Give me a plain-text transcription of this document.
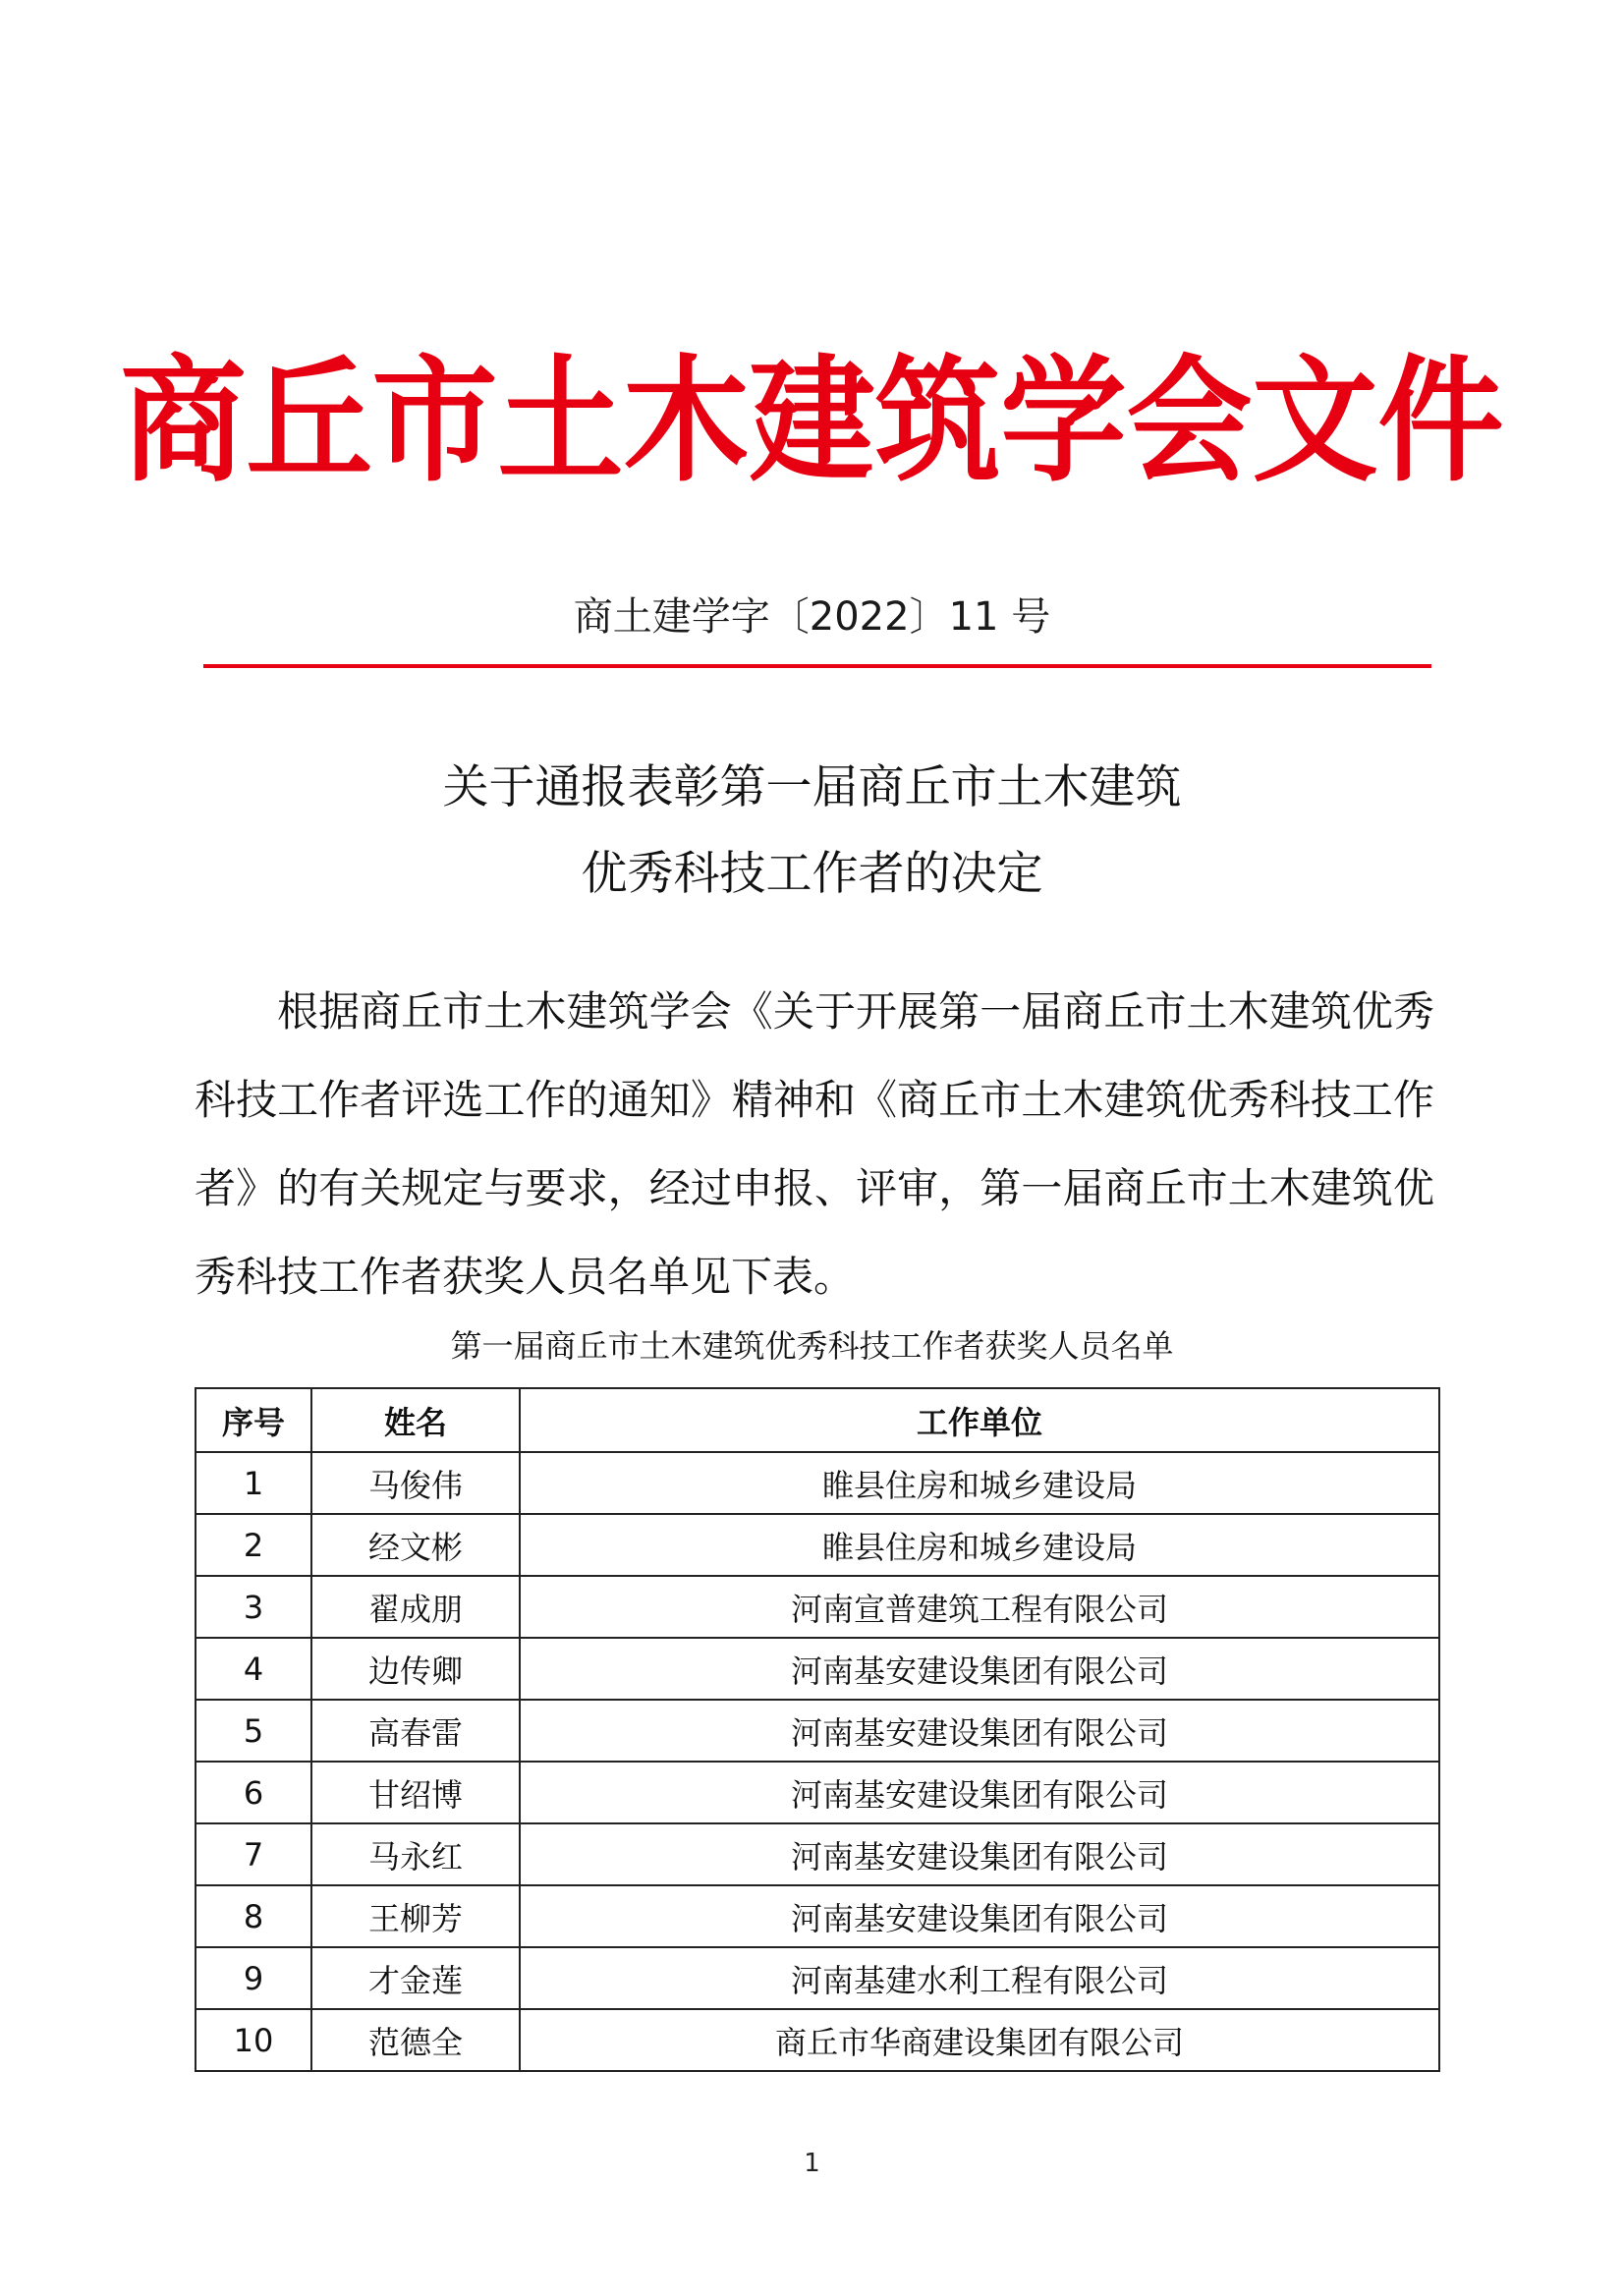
商丘市土木建筑学会文件
商土建学字〔2022〕11 号
关于通报表彰第一届商丘市土木建筑
优秀科技工作者的决定
根据商丘市土木建筑学会《关于开展第一届商丘市土木建筑优秀科技工作者评选工作的通知》精神和《商丘市土木建筑优秀科技工作者》的有关规定与要求，经过申报、评审，第一届商丘市土木建筑优秀科技工作者获奖人员名单见下表。
第一届商丘市土木建筑优秀科技工作者获奖人员名单
序号	姓名	工作单位
1	马俊伟	睢县住房和城乡建设局
2	经文彬	睢县住房和城乡建设局
3	翟成朋	河南宣普建筑工程有限公司
4	边传卿	河南基安建设集团有限公司
5	高春雷	河南基安建设集团有限公司
6	甘绍博	河南基安建设集团有限公司
7	马永红	河南基安建设集团有限公司
8	王柳芳	河南基安建设集团有限公司
9	才金莲	河南基建水利工程有限公司
10	范德全	商丘市华商建设集团有限公司
1
